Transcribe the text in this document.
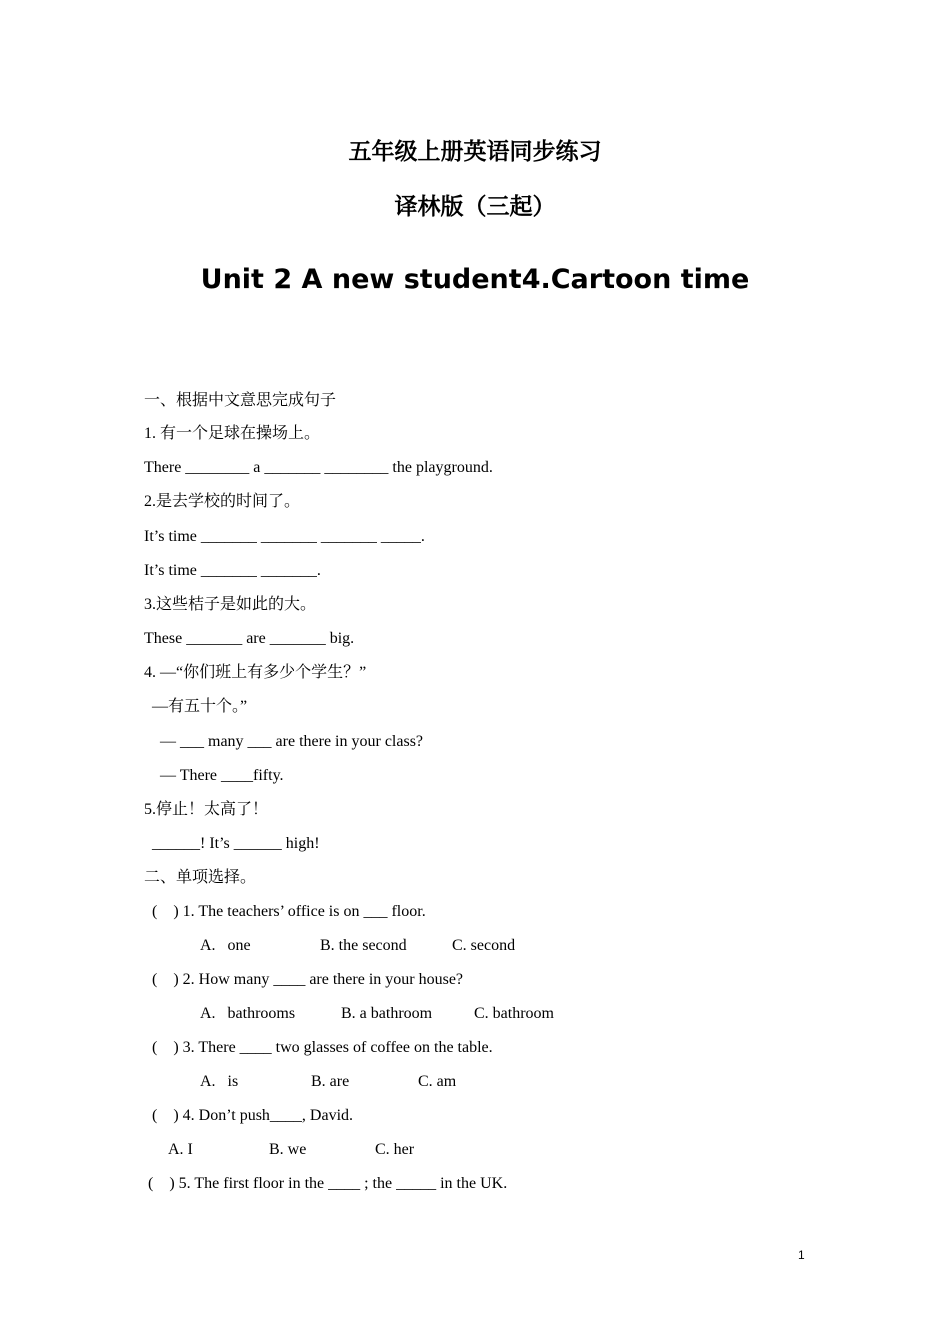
五年级上册英语同步练习
译林版（三起）
Unit 2 A new student4.Cartoon time
一、根据中文意思完成句子
1. 有一个足球在操场上。
There ________ a _______ ________ the playground.
2.是去学校的时间了。
It’s time _______ _______ _______ _____.
It’s time _______ _______.
3.这些桔子是如此的大。
These _______ are _______ big.
4. —“你们班上有多少个学生？”
—有五十个。”
— ___ many ___ are there in your class?
— There ____fifty.
5.停止！太高了！
______! It’s ______ high!
二、单项选择。
(    ) 1. The teachers’ office is on ___ floor.
A.   one	B. the second	C. second
(    ) 2. How many ____ are there in your house?
A.   bathrooms	B. a bathroom	C. bathroom
(    ) 3. There ____ two glasses of coffee on the table.
A.   is	B. are	C. am
(    ) 4. Don’t push____, David.
A. I	B. we	C. her
(    ) 5. The first floor in the ____ ; the _____ in the UK.
1
